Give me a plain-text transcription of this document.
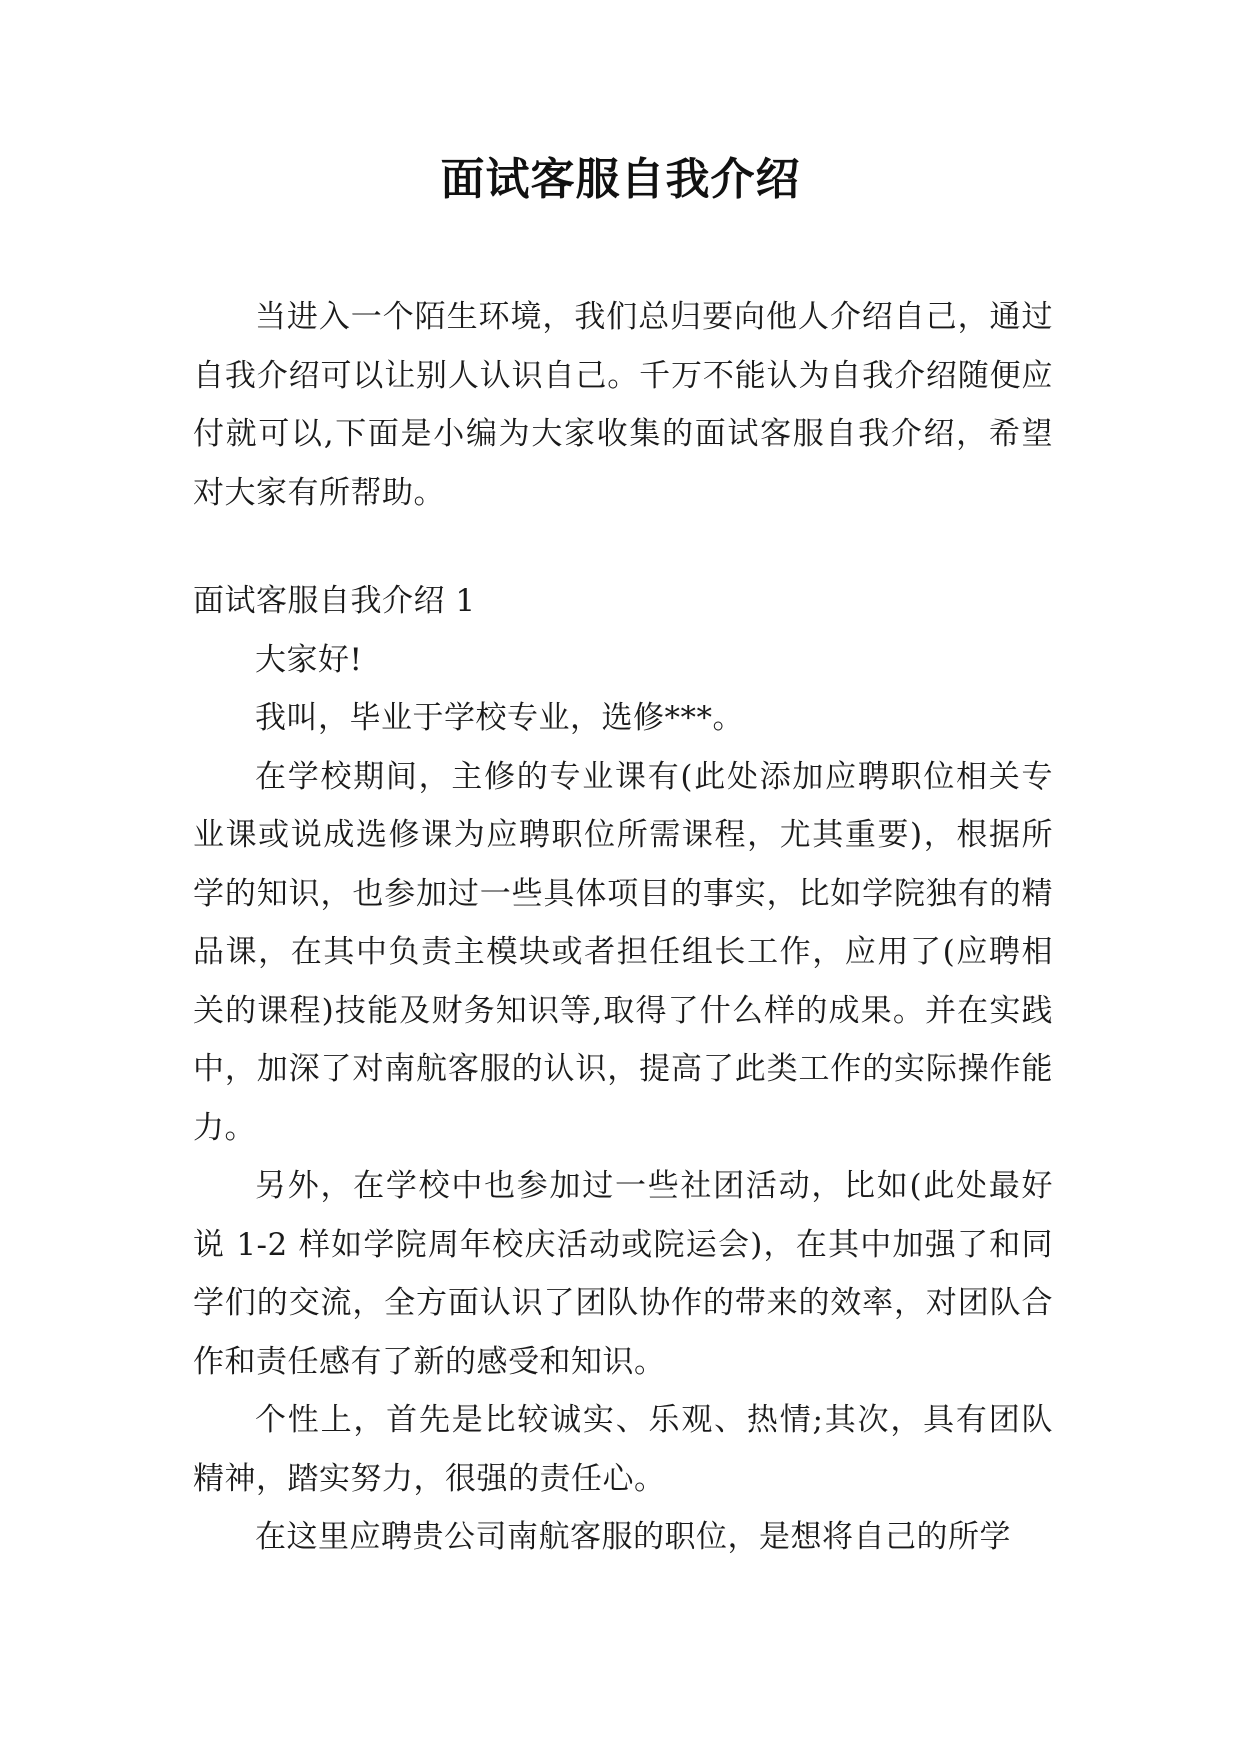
面试客服自我介绍

当进入一个陌生环境，我们总归要向他人介绍自己，通过自我介绍可以让别人认识自己。千万不能认为自我介绍随便应付就可以,下面是小编为大家收集的面试客服自我介绍，希望对大家有所帮助。

面试客服自我介绍 1

大家好!

我叫，毕业于学校专业，选修***。

在学校期间，主修的专业课有(此处添加应聘职位相关专业课或说成选修课为应聘职位所需课程，尤其重要)，根据所学的知识，也参加过一些具体项目的事实，比如学院独有的精品课，在其中负责主模块或者担任组长工作，应用了(应聘相关的课程)技能及财务知识等,取得了什么样的成果。并在实践中，加深了对南航客服的认识，提高了此类工作的实际操作能力。

另外，在学校中也参加过一些社团活动，比如(此处最好说 1-2 样如学院周年校庆活动或院运会)，在其中加强了和同学们的交流，全方面认识了团队协作的带来的效率，对团队合作和责任感有了新的感受和知识。

个性上，首先是比较诚实、乐观、热情;其次，具有团队精神，踏实努力，很强的责任心。

在这里应聘贵公司南航客服的职位，是想将自己的所学
